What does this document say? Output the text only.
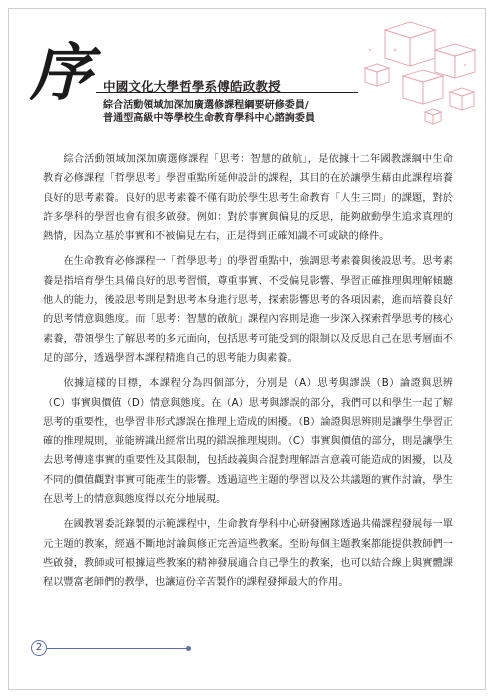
序 中國文化大學哲學系傅皓政教授
綜合活動領域加深加廣選修課程綱要研修委員/
普通型高級中等學校生命教育學科中心諮詢委員

綜合活動領域加深加廣選修課程「思考：智慧的啟航」，是依據十二年國教課綱中生命教育必修課程「哲學思考」學習重點所延伸設計的課程，其目的在於讓學生藉由此課程培養良好的思考素養。良好的思考素養不僅有助於學生思考生命教育「人生三問」的課題，對於許多學科的學習也會有很多啟發。例如：對於事實與偏見的反思，能夠啟動學生追求真理的熱情，因為立基於事實和不被偏見左右，正是得到正確知識不可或缺的條件。

在生命教育必修課程一「哲學思考」的學習重點中，強調思考素養與後設思考。思考素養是指培育學生具備良好的思考習慣，尊重事實、不受偏見影響、學習正確推理與理解傾聽他人的能力，後設思考則是對思考本身進行思考，探索影響思考的各項因素，進而培養良好的思考情意與態度。而「思考：智慧的啟航」課程內容則是進一步深入探索哲學思考的核心素養，帶領學生了解思考的多元面向，包括思考可能受到的限制以及反思自己在思考層面不足的部分，透過學習本課程精進自己的思考能力與素養。

依據這樣的目標，本課程分為四個部分，分別是（A）思考與謬誤（B）論證與思辨（C）事實與價值（D）情意與態度。在（A）思考與謬誤的部分，我們可以和學生一起了解思考的重要性，也學習非形式謬誤在推理上造成的困擾。（B）論證與思辨則是讓學生學習正確的推理規則，並能辨識出經常出現的錯誤推理規則。（C）事實與價值的部分，則是讓學生去思考傳達事實的重要性及其限制，包括歧義與合混對理解語言意義可能造成的困擾，以及不同的價值觀對事實可能產生的影響。透過這些主題的學習以及公共議題的實作討論，學生在思考上的情意與態度得以充分地展現。

在國教署委託錄製的示範課程中，生命教育學科中心研發團隊透過共備課程發展每一單元主題的教案，經過不斷地討論與修正完善這些教案。至盼每個主題教案都能提供教師們一些啟發，教師或可根據這些教案的精神發展適合自己學生的教案，也可以結合線上與實體課程以豐富老師們的教學，也讓這份辛苦製作的課程發揮最大的作用。

2
